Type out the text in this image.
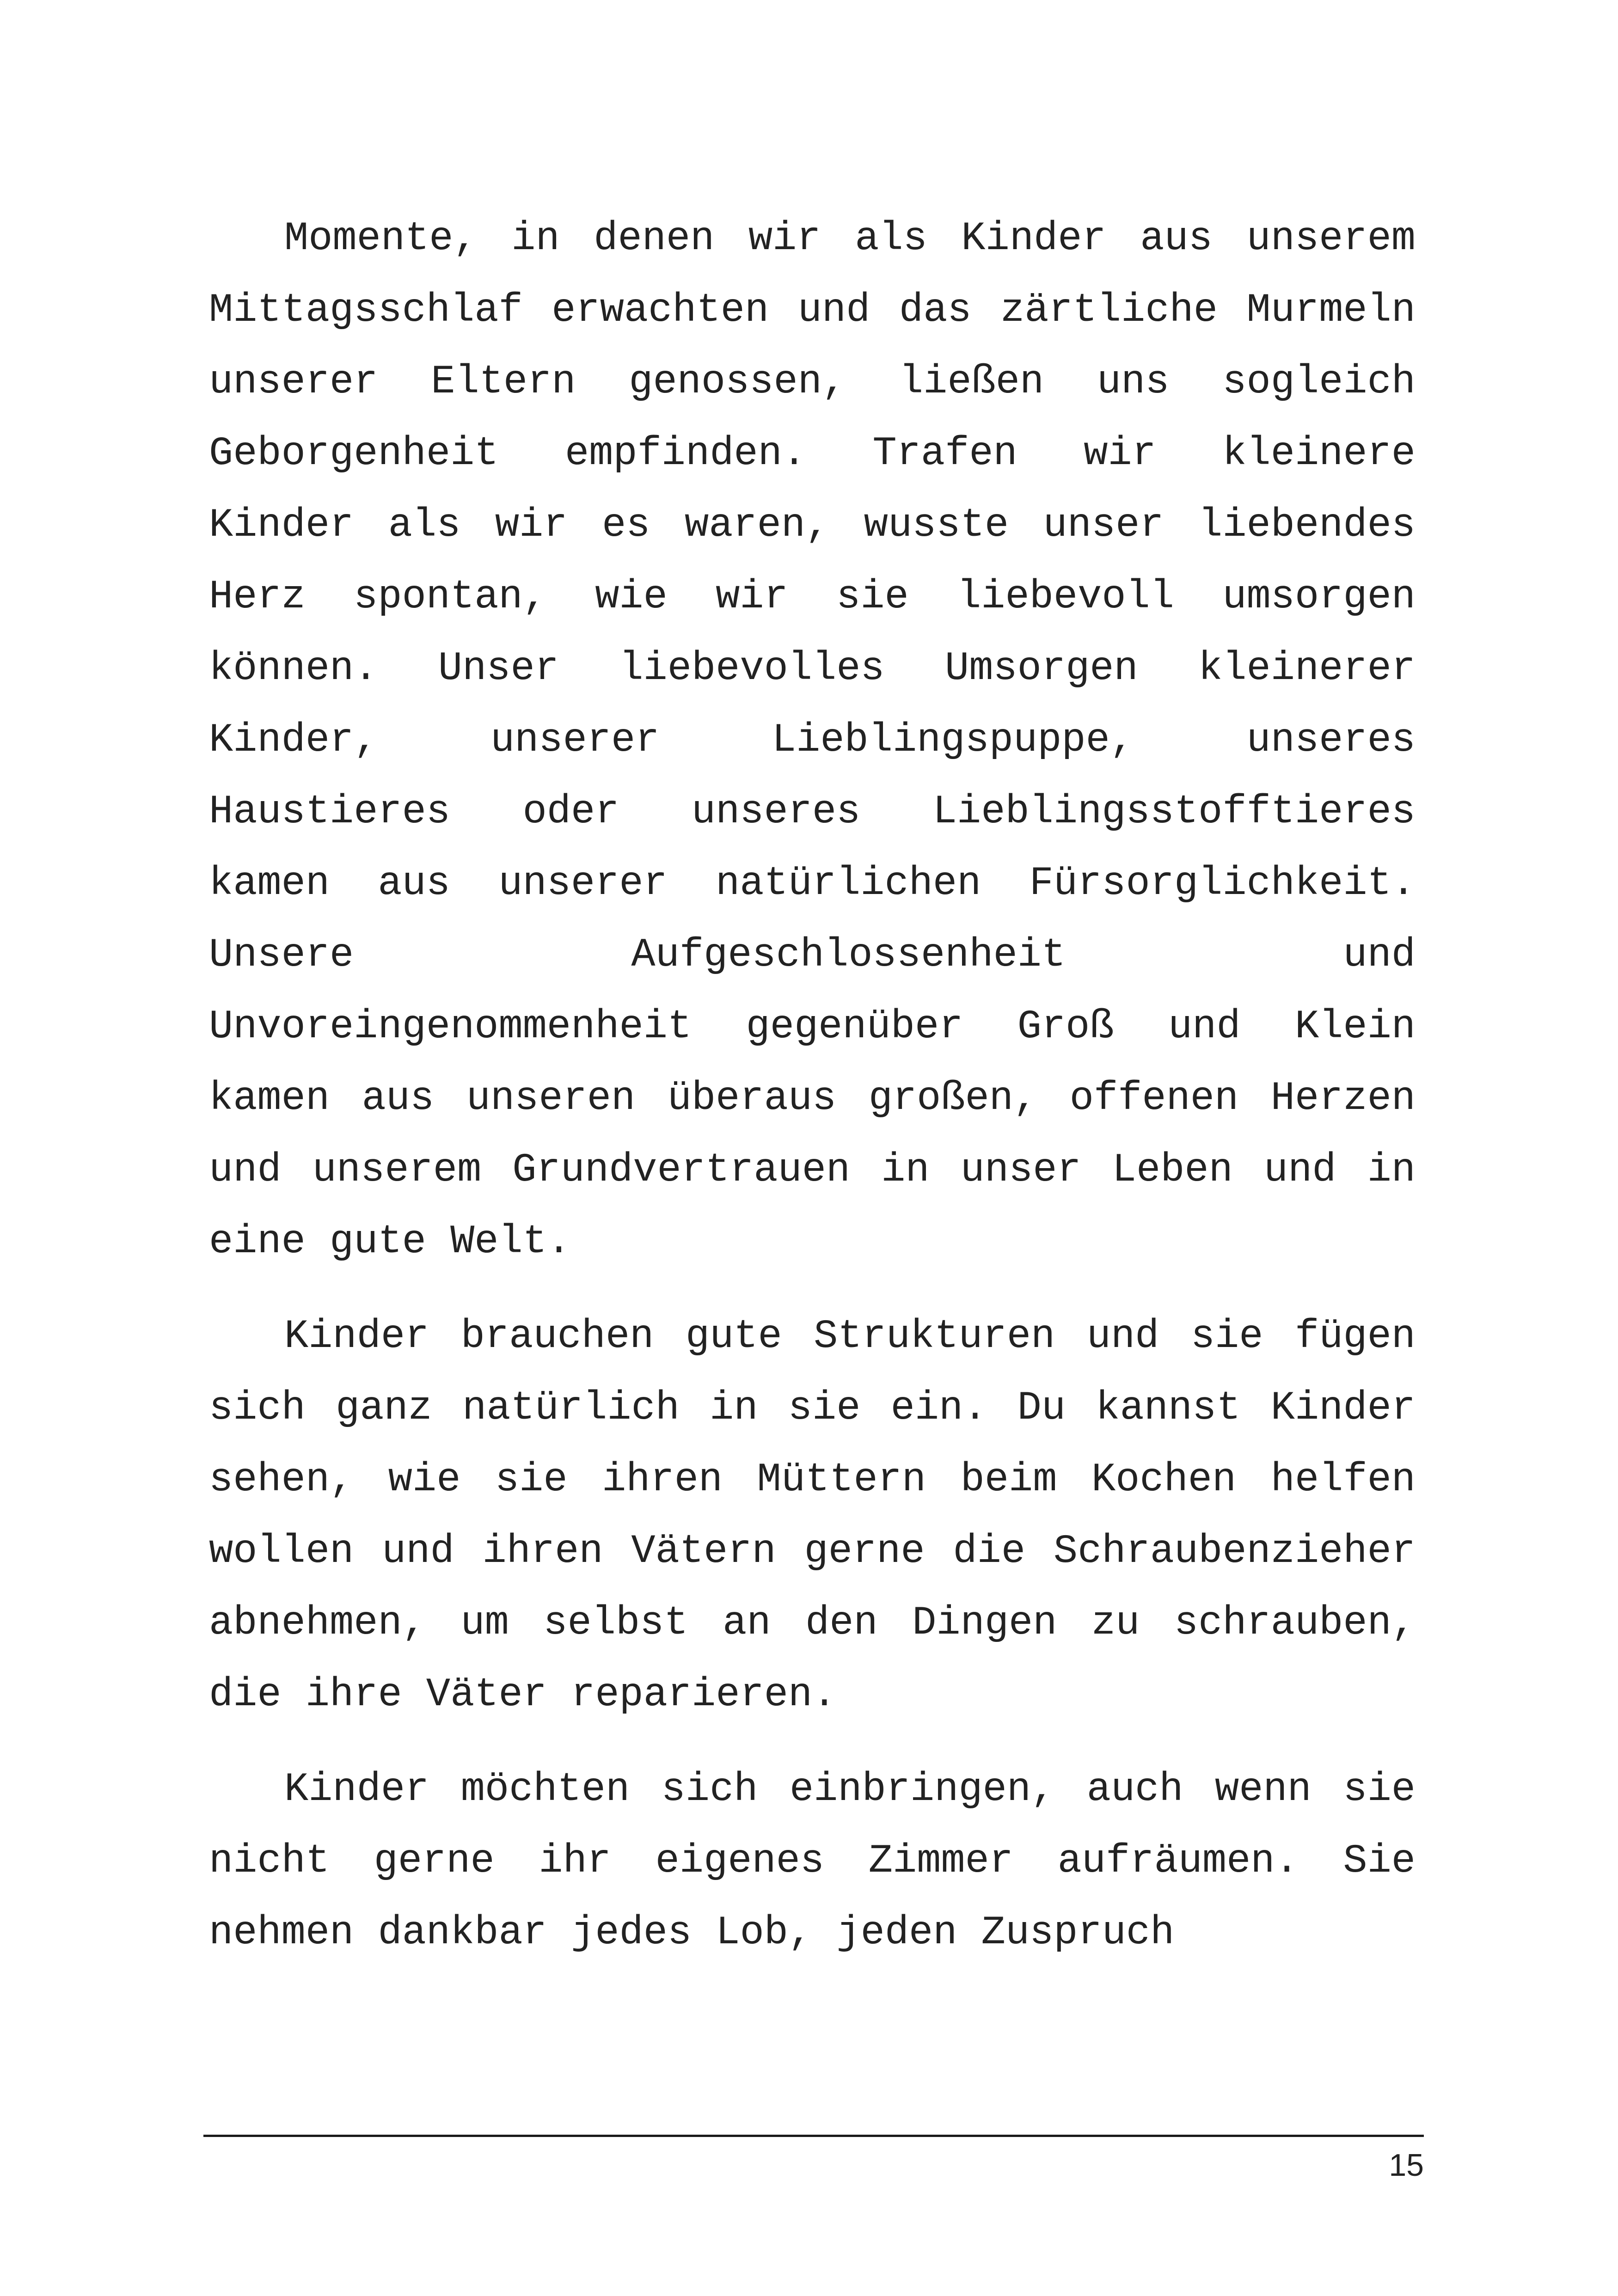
Momente, in denen wir als Kinder aus unserem Mittagsschlaf erwachten und das zärtliche Murmeln unserer Eltern genossen, ließen uns sogleich Geborgenheit empfinden. Trafen wir kleinere Kinder als wir es waren, wusste unser liebendes Herz spontan, wie wir sie liebevoll umsorgen können. Unser liebevolles Umsorgen kleinerer Kinder, unserer Lieblingspuppe, unseres Haustieres oder unseres Lieblingsstofftieres kamen aus unserer natürlichen Fürsorglichkeit. Unsere Aufgeschlossenheit und Unvoreingenommenheit gegenüber Groß und Klein kamen aus unseren überaus großen, offenen Herzen und unserem Grundvertrauen in unser Leben und in eine gute Welt.

Kinder brauchen gute Strukturen und sie fügen sich ganz natürlich in sie ein. Du kannst Kinder sehen, wie sie ihren Müttern beim Kochen helfen wollen und ihren Vätern gerne die Schraubenzieher abnehmen, um selbst an den Dingen zu schrauben, die ihre Väter reparieren.

Kinder möchten sich einbringen, auch wenn sie nicht gerne ihr eigenes Zimmer aufräumen. Sie nehmen dankbar jedes Lob, jeden Zuspruch

15
